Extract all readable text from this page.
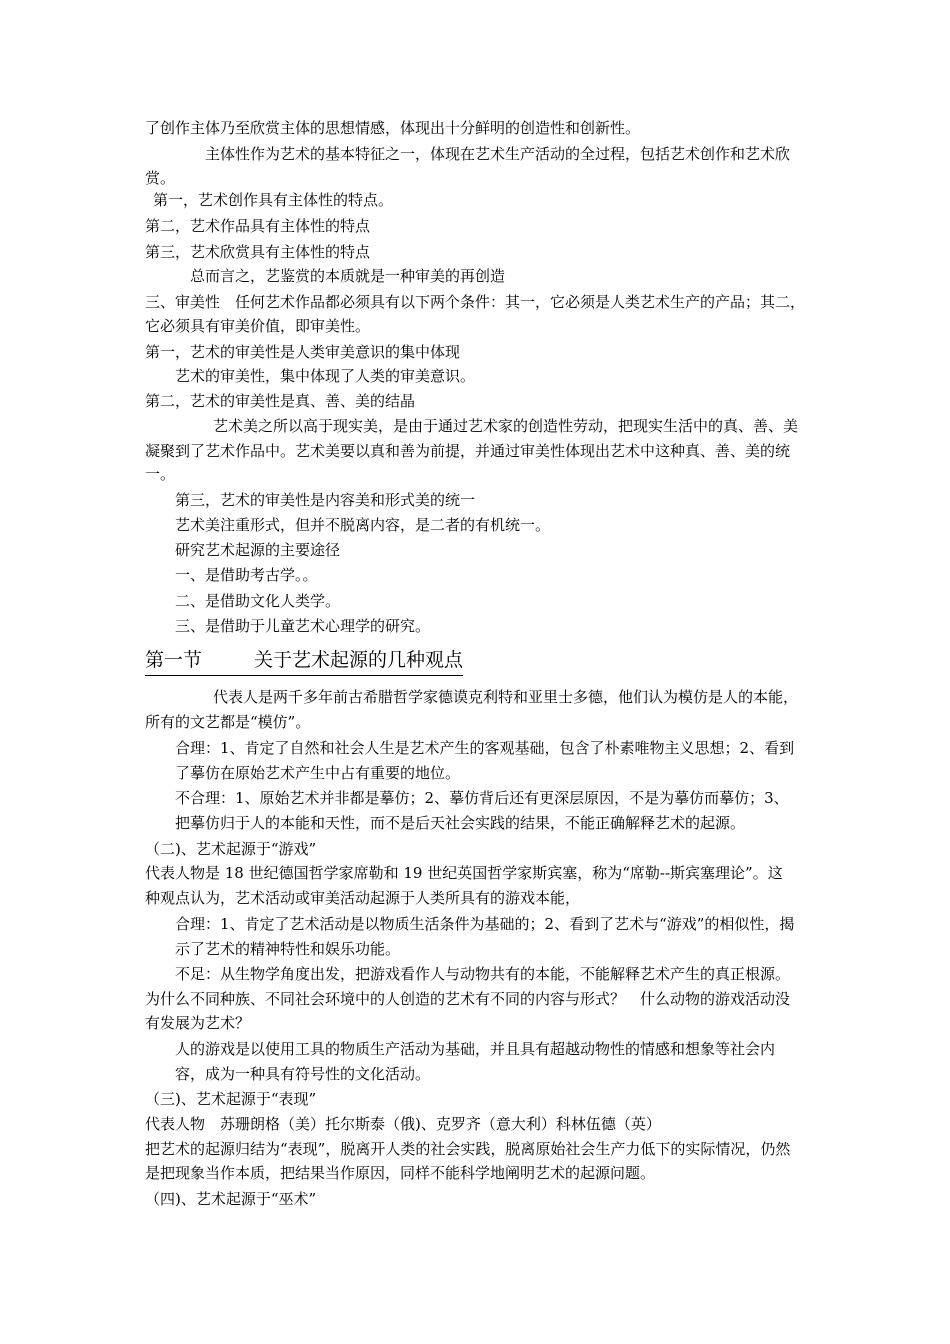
了创作主体乃至欣赏主体的思想情感，体现出十分鲜明的创造性和创新性。
主体性作为艺术的基本特征之一，体现在艺术生产活动的全过程，包括艺术创作和艺术欣
赏。
第一，艺术创作具有主体性的特点。
第二，艺术作品具有主体性的特点
第三，艺术欣赏具有主体性的特点
总而言之，艺鉴赏的本质就是一种审美的再创造
三、审美性　任何艺术作品都必须具有以下两个条件：其一，它必须是人类艺术生产的产品；其二，
它必须具有审美价值，即审美性。
第一，艺术的审美性是人类审美意识的集中体现
艺术的审美性，集中体现了人类的审美意识。
第二，艺术的审美性是真、善、美的结晶
艺术美之所以高于现实美，是由于通过艺术家的创造性劳动，把现实生活中的真、善、美
凝聚到了艺术作品中。艺术美要以真和善为前提，并通过审美性体现出艺术中这种真、善、美的统
一。
第三，艺术的审美性是内容美和形式美的统一
艺术美注重形式，但并不脱离内容，是二者的有机统一。
研究艺术起源的主要途径
一、是借助考古学。。
二、是借助文化人类学。
三、是借助于儿童艺术心理学的研究。
代表人是两千多年前古希腊哲学家德谟克利特和亚里士多德，他们认为模仿是人的本能，
所有的文艺都是“模仿”。
合理：1、肯定了自然和社会人生是艺术产生的客观基础，包含了朴素唯物主义思想；2、看到
了摹仿在原始艺术产生中占有重要的地位。
不合理：1、原始艺术并非都是摹仿；2、摹仿背后还有更深层原因，不是为摹仿而摹仿；3、
把摹仿归于人的本能和天性，而不是后天社会实践的结果，不能正确解释艺术的起源。
（二)、艺术起源于“游戏”
代表人物是 18 世纪德国哲学家席勒和 19 世纪英国哲学家斯宾塞，称为“席勒--斯宾塞理论”。这
种观点认为，艺术活动或审美活动起源于人类所具有的游戏本能，
合理：1、肯定了艺术活动是以物质生活条件为基础的；2、看到了艺术与“游戏”的相似性，揭
示了艺术的精神特性和娱乐功能。
不足：从生物学角度出发，把游戏看作人与动物共有的本能，不能解释艺术产生的真正根源。
为什么不同种族、不同社会环境中的人创造的艺术有不同的内容与形式？　什么动物的游戏活动没
有发展为艺术？
人的游戏是以使用工具的物质生产活动为基础，并且具有超越动物性的情感和想象等社会内
容，成为一种具有符号性的文化活动。
（三)、艺术起源于“表现”
代表人物　苏珊朗格（美）托尔斯泰（俄)、克罗齐（意大利）科林伍德（英）
把艺术的起源归结为“表现”，脱离开人类的社会实践，脱离原始社会生产力低下的实际情况，仍然
是把现象当作本质，把结果当作原因，同样不能科学地阐明艺术的起源问题。
（四)、艺术起源于“巫术”
第一节	关于艺术起源的几种观点
